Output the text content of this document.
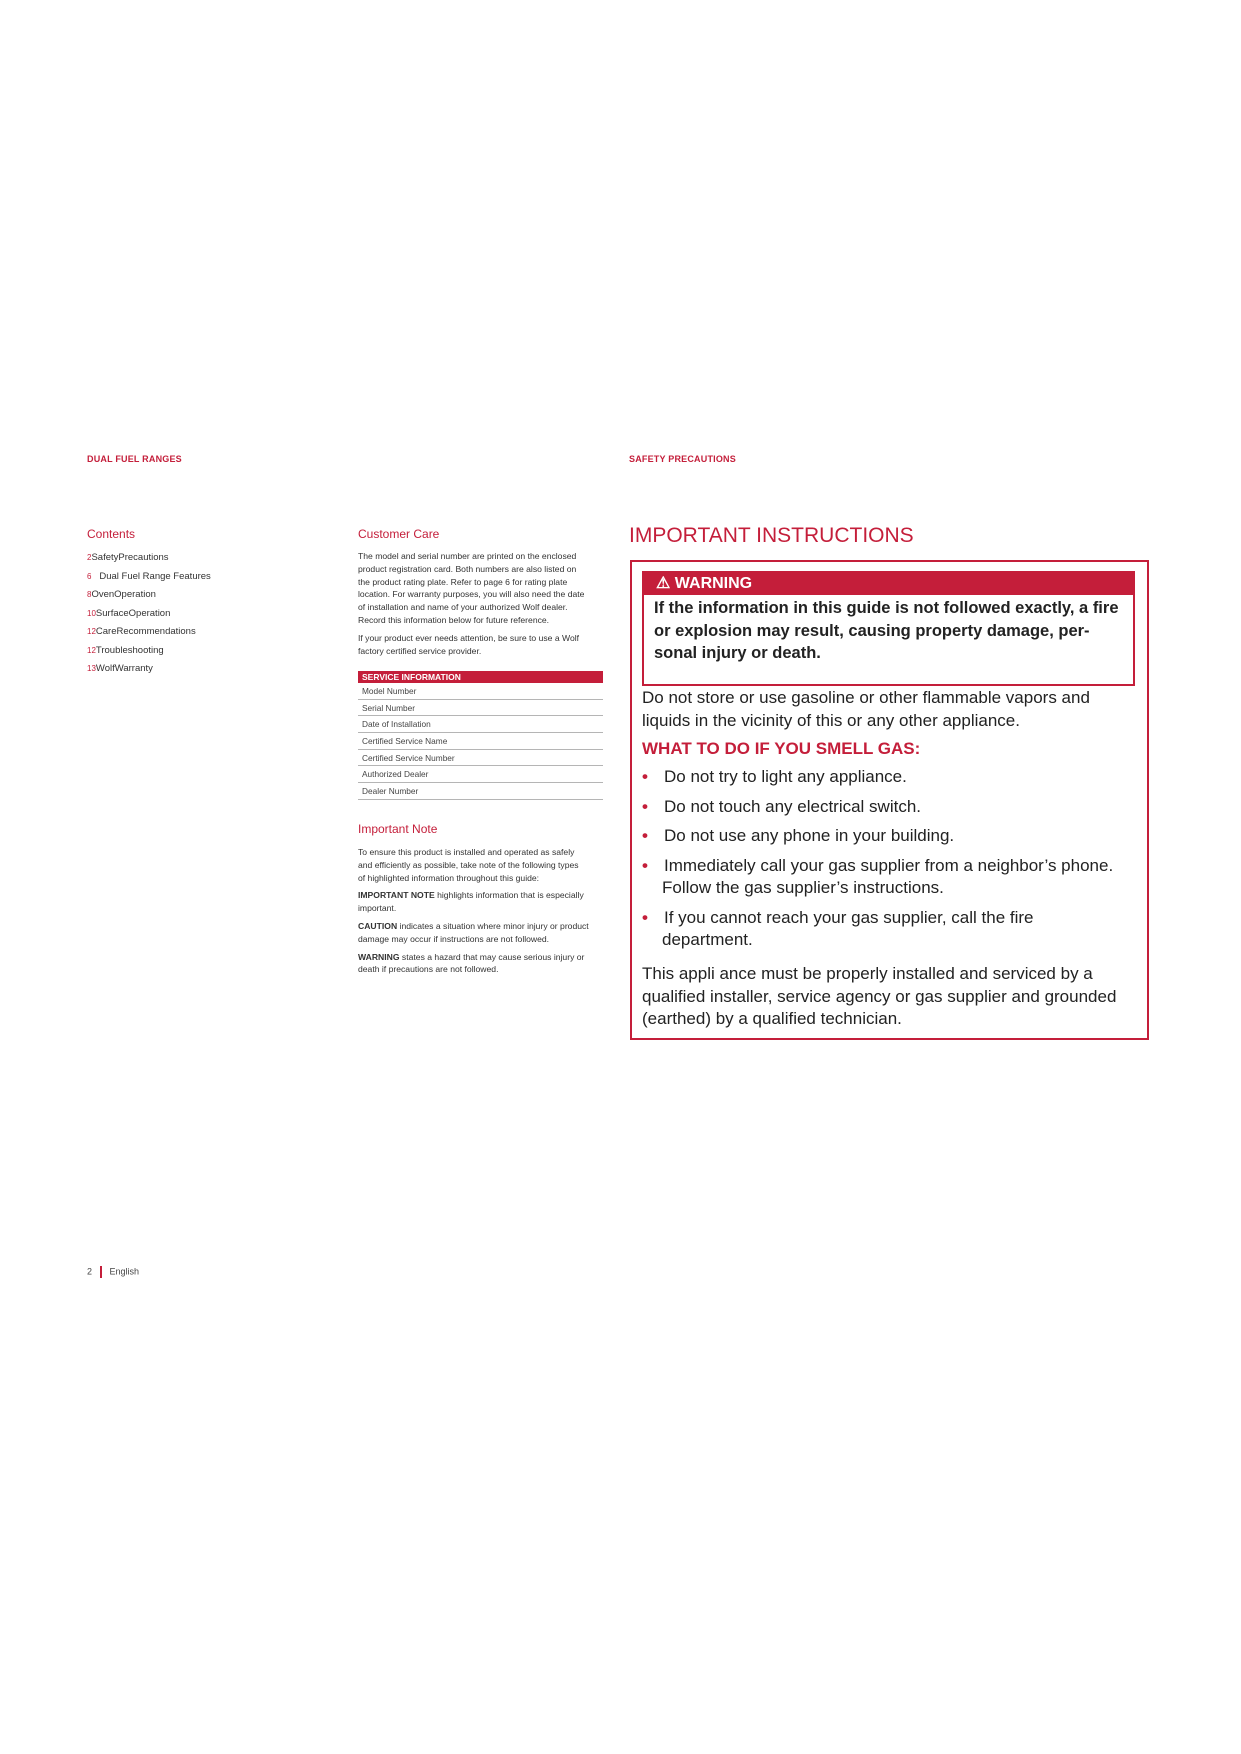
DUAL FUEL RANGES
Contents
2SafetyPrecautions
6 Dual Fuel Range Features
8OvenOperation
10SurfaceOperation
12CareRecommendations
12Troubleshooting
13WolfWarranty
Customer Care
The model and serial number are printed on the enclosed
product registration card. Both numbers are also listed on
the product rating plate. Refer to page 6 for rating plate
location. For warranty purposes, you will also need the date
of installation and name of your authorized Wolf dealer.
Record this information below for future reference.
If your product ever needs attention, be sure to use a Wolf
factory certified service provider.
SERVICE INFORMATION
Model Number
Serial Number
Date of Installation
Certified Service Name
Certified Service Number
Authorized Dealer
Dealer Number
Important Note
To ensure this product is installed and operated as safely
and efficiently as possible, take note of the following types
of highlighted information throughout this guide:
IMPORTANT NOTE highlights information that is especially
important.
CAUTION indicates a situation where minor injury or product
damage may occur if instructions are not followed.
WARNING states a hazard that may cause serious injury or
death if precautions are not followed.
2 English
SAFETY PRECAUTIONS
IMPORTANT INSTRUCTIONS
⚠ WARNING
If the information in this guide is not followed exactly, a fire
or explosion may result, causing property damage, per-
sonal injury or death.
Do not store or use gasoline or other flammable vapors and
liquids in the vicinity of this or any other appliance.
WHAT TO DO IF YOU SMELL GAS:
• Do not try to light any appliance.
• Do not touch any electrical switch.
• Do not use any phone in your building.
• Immediately call your gas supplier from a neighbor’s phone.
Follow the gas supplier’s instructions.
• If you cannot reach your gas supplier, call the fire
department.
This appli ance must be properly installed and serviced by a
qualified installer, service agency or gas supplier and grounded
(earthed) by a qualified technician.
